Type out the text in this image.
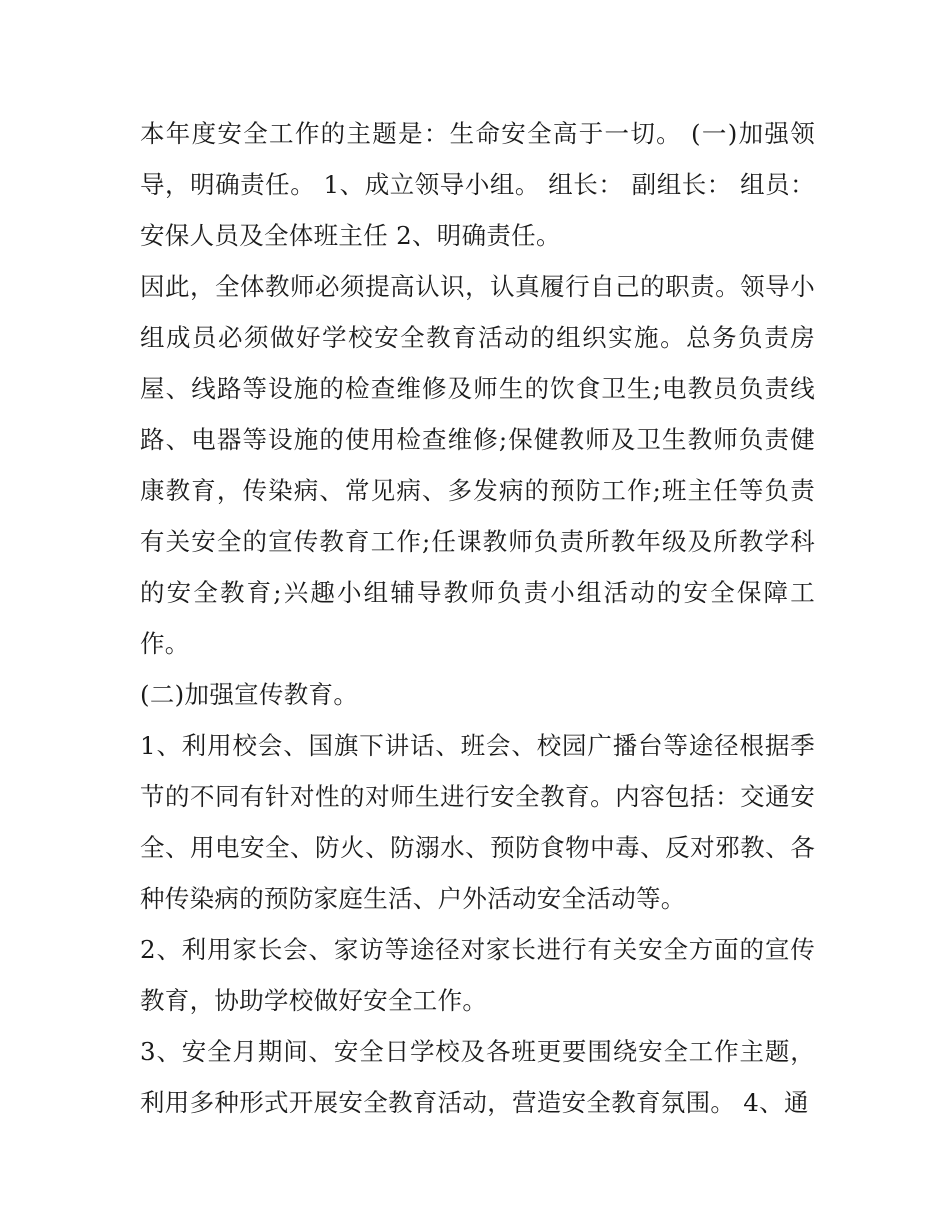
本年度安全工作的主题是：生命安全高于一切。 (一)加强领导，明确责任。 1、成立领导小组。 组长： 副组长： 组员：安保人员及全体班主任 2、明确责任。

因此，全体教师必须提高认识，认真履行自己的职责。领导小组成员必须做好学校安全教育活动的组织实施。总务负责房屋、线路等设施的检查维修及师生的饮食卫生;电教员负责线路、电器等设施的使用检查维修;保健教师及卫生教师负责健康教育，传染病、常见病、多发病的预防工作;班主任等负责有关安全的宣传教育工作;任课教师负责所教年级及所教学科的安全教育;兴趣小组辅导教师负责小组活动的安全保障工作。

(二)加强宣传教育。

1、利用校会、国旗下讲话、班会、校园广播台等途径根据季节的不同有针对性的对师生进行安全教育。内容包括：交通安全、用电安全、防火、防溺水、预防食物中毒、反对邪教、各种传染病的预防家庭生活、户外活动安全活动等。

2、利用家长会、家访等途径对家长进行有关安全方面的宣传教育，协助学校做好安全工作。

3、安全月期间、安全日学校及各班更要围绕安全工作主题，利用多种形式开展安全教育活动，营造安全教育氛围。 4、通
